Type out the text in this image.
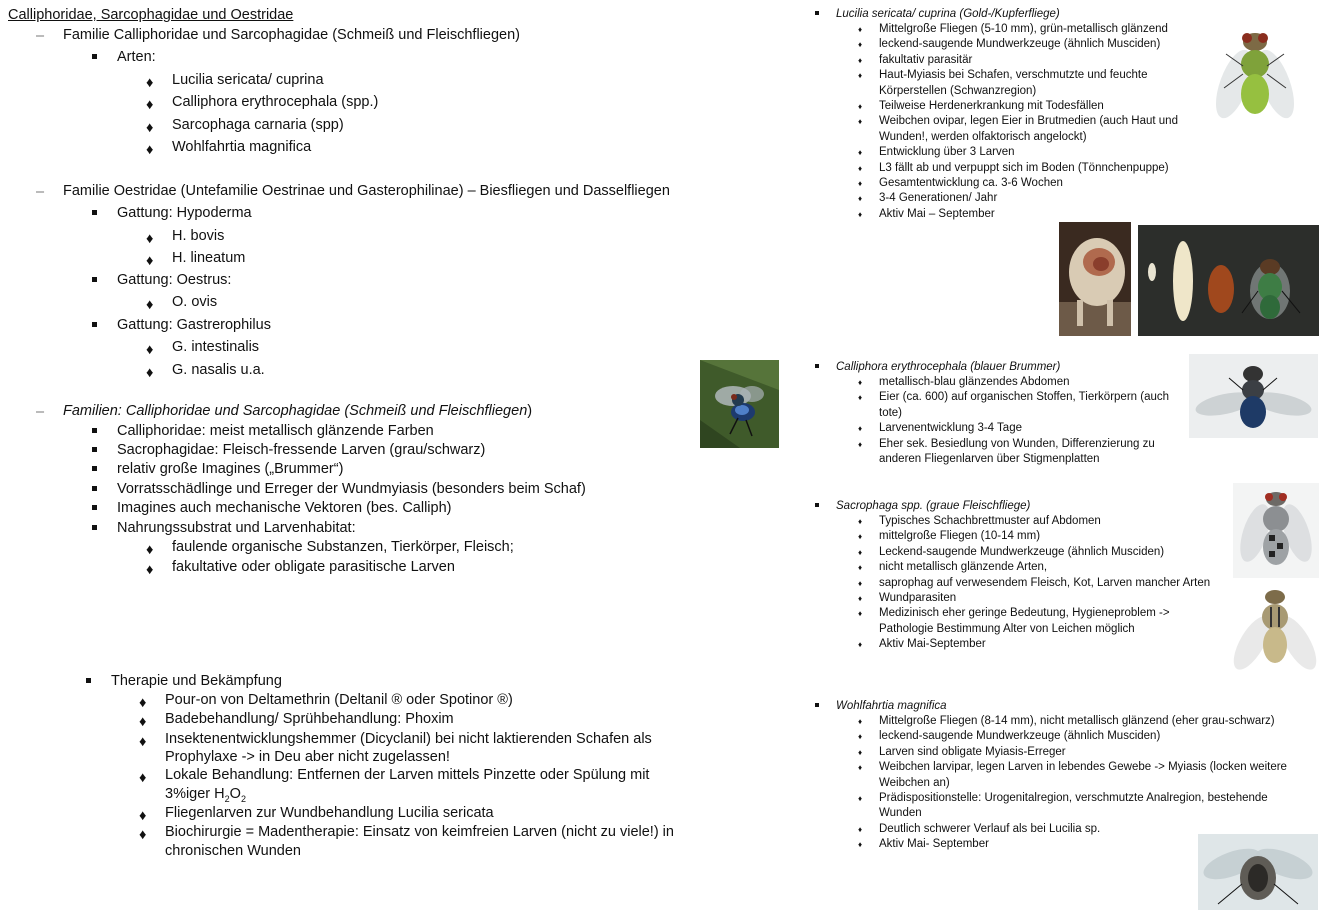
Calliphoridae, Sarcophagidae und Oestridae
– Familie Calliphoridae und Sarcophagidae (Schmeiß und Fleischfliegen)
Arten:
♦ Lucilia sericata/ cuprina
♦ Calliphora erythrocephala (spp.)
♦ Sarcophaga carnaria (spp)
♦ Wohlfahrtia magnifica
– Familie Oestridae (Untefamilie Oestrinae und Gasterophilinae) – Biesfliegen und Dasselfliegen
Gattung: Hypoderma
♦ H. bovis
♦ H. lineatum
Gattung: Oestrus:
♦ O. ovis
Gattung: Gastrerophilus
♦ G. intestinalis
♦ G. nasalis u.a.
– Familien: Calliphoridae und Sarcophagidae (Schmeiß und Fleischfliegen)
Calliphoridae: meist metallisch glänzende Farben
Sacrophagidae: Fleisch-fressende Larven (grau/schwarz)
relativ große Imagines („Brummer“)
Vorratsschädlinge und Erreger der Wundmyiasis (besonders beim Schaf)
Imagines auch mechanische Vektoren (bes. Calliph)
Nahrungssubstrat und Larvenhabitat:
♦ faulende organische Substanzen, Tierkörper, Fleisch;
♦ fakultative oder obligate parasitische Larven
Therapie und Bekämpfung
♦ Pour-on von Deltamethrin (Deltanil ® oder Spotinor ®)
♦ Badebehandlung/ Sprühbehandlung: Phoxim
♦ Insektenentwicklungshemmer (Dicyclanil) bei nicht laktierenden Schafen als
Prophylaxe -> in Deu aber nicht zugelassen!
♦ Lokale Behandlung: Entfernen der Larven mittels Pinzette oder Spülung mit
3%iger $H_2O_2$
♦ Fliegenlarven zur Wundbehandlung Lucilia sericata
♦ Biochirurgie = Madentherapie: Einsatz von keimfreien Larven (nicht zu viele!) in
chronischen Wunden
Lucilia sericata/ cuprina (Gold-/Kupferfliege)
♦ Mittelgroße Fliegen (5-10 mm), grün-metallisch glänzend
♦ leckend-saugende Mundwerkzeuge (ähnlich Musciden)
♦ fakultativ parasitär
♦ Haut-Myiasis bei Schafen, verschmutzte und feuchte
Körperstellen (Schwanzregion)
♦ Teilweise Herdenerkrankung mit Todesfällen
♦ Weibchen ovipar, legen Eier in Brutmedien (auch Haut und
Wunden!, werden olfaktorisch angelockt)
♦ Entwicklung über 3 Larven
♦ L3 fällt ab und verpuppt sich im Boden (Tönnchenpuppe)
♦ Gesamtentwicklung ca. 3-6 Wochen
♦ 3-4 Generationen/ Jahr
♦ Aktiv Mai – September
Calliphora erythrocephala (blauer Brummer)
♦ metallisch-blau glänzendes Abdomen
♦ Eier (ca. 600) auf organischen Stoffen, Tierkörpern (auch
tote)
♦ Larvenentwicklung 3-4 Tage
♦ Eher sek. Besiedlung von Wunden, Differenzierung zu
anderen Fliegenlarven über Stigmenplatten
Sacrophaga spp. (graue Fleischfliege)
♦ Typisches Schachbrettmuster auf Abdomen
♦ mittelgroße Fliegen (10-14 mm)
♦ Leckend-saugende Mundwerkzeuge (ähnlich Musciden)
♦ nicht metallisch glänzende Arten,
♦ saprophag auf verwesendem Fleisch, Kot, Larven mancher Arten
♦ Wundparasiten
♦ Medizinisch eher geringe Bedeutung, Hygieneproblem ->
Pathologie Bestimmung Alter von Leichen möglich
♦ Aktiv Mai-September
Wohlfahrtia magnifica
♦ Mittelgroße Fliegen (8-14 mm), nicht metallisch glänzend (eher grau-schwarz)
♦ leckend-saugende Mundwerkzeuge (ähnlich Musciden)
♦ Larven sind obligate Myiasis-Erreger
♦ Weibchen larvipar, legen Larven in lebendes Gewebe -> Myiasis (locken weitere
Weibchen an)
♦ Prädispositionstelle: Urogenitalregion, verschmutzte Analregion, bestehende
Wunden
♦ Deutlich schwerer Verlauf als bei Lucilia sp.
♦ Aktiv Mai- September
